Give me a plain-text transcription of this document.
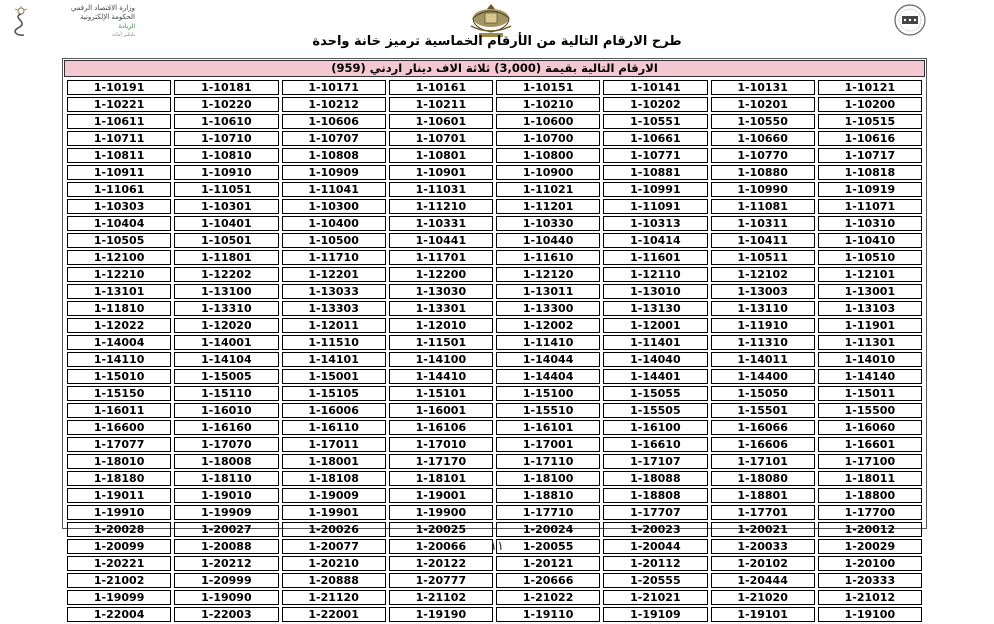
وزارة الاقتصاد الرقمي
الحكومة الإلكترونية
الريادة
بلتكير أمانة	طرح الارقام التالية من الأرقام الخماسية ترميز خانة واحدة
الارقام التالية بقيمة (3,000) ثلاثة الاف دينار اردني (959)
1-10191	1-10181	1-10171	1-10161	1-10151	1-10141	1-10131	1-10121
1-10221	1-10220	1-10212	1-10211	1-10210	1-10202	1-10201	1-10200
1-10611	1-10610	1-10606	1-10601	1-10600	1-10551	1-10550	1-10515
1-10711	1-10710	1-10707	1-10701	1-10700	1-10661	1-10660	1-10616
1-10811	1-10810	1-10808	1-10801	1-10800	1-10771	1-10770	1-10717
1-10911	1-10910	1-10909	1-10901	1-10900	1-10881	1-10880	1-10818
1-11061	1-11051	1-11041	1-11031	1-11021	1-10991	1-10990	1-10919
1-10303	1-10301	1-10300	1-11210	1-11201	1-11091	1-11081	1-11071
1-10404	1-10401	1-10400	1-10331	1-10330	1-10313	1-10311	1-10310
1-10505	1-10501	1-10500	1-10441	1-10440	1-10414	1-10411	1-10410
1-12100	1-11801	1-11710	1-11701	1-11610	1-11601	1-10511	1-10510
1-12210	1-12202	1-12201	1-12200	1-12120	1-12110	1-12102	1-12101
1-13101	1-13100	1-13033	1-13030	1-13011	1-13010	1-13003	1-13001
1-11810	1-13310	1-13303	1-13301	1-13300	1-13130	1-13110	1-13103
1-12022	1-12020	1-12011	1-12010	1-12002	1-12001	1-11910	1-11901
1-14004	1-14001	1-11510	1-11501	1-11410	1-11401	1-11310	1-11301
1-14110	1-14104	1-14101	1-14100	1-14044	1-14040	1-14011	1-14010
1-15010	1-15005	1-15001	1-14410	1-14404	1-14401	1-14400	1-14140
1-15150	1-15110	1-15105	1-15101	1-15100	1-15055	1-15050	1-15011
1-16011	1-16010	1-16006	1-16001	1-15510	1-15505	1-15501	1-15500
1-16600	1-16160	1-16110	1-16106	1-16101	1-16100	1-16066	1-16060
1-17077	1-17070	1-17011	1-17010	1-17001	1-16610	1-16606	1-16601
1-18010	1-18008	1-18001	1-17170	1-17110	1-17107	1-17101	1-17100
1-18180	1-18110	1-18108	1-18101	1-18100	1-18088	1-18080	1-18011
1-19011	1-19010	1-19009	1-19001	1-18810	1-18808	1-18801	1-18800
1-19910	1-19909	1-19901	1-19900	1-17710	1-17707	1-17701	1-17700
1-20028	1-20027	1-20026	1-20025	1-20024	1-20023	1-20021	1-20012
1-20099	1-20088	1-20077	1-20066	1-20055	1-20044	1-20033	1-20029
1-20221	1-20212	1-20210	1-20122	1-20121	1-20112	1-20102	1-20100
1-21002	1-20999	1-20888	1-20777	1-20666	1-20555	1-20444	1-20333
1-19099	1-19090	1-21120	1-21102	1-21022	1-21021	1-21020	1-21012
1-22004	1-22003	1-22001	1-19190	1-19110	1-19109	1-19101	1-19100
١١
